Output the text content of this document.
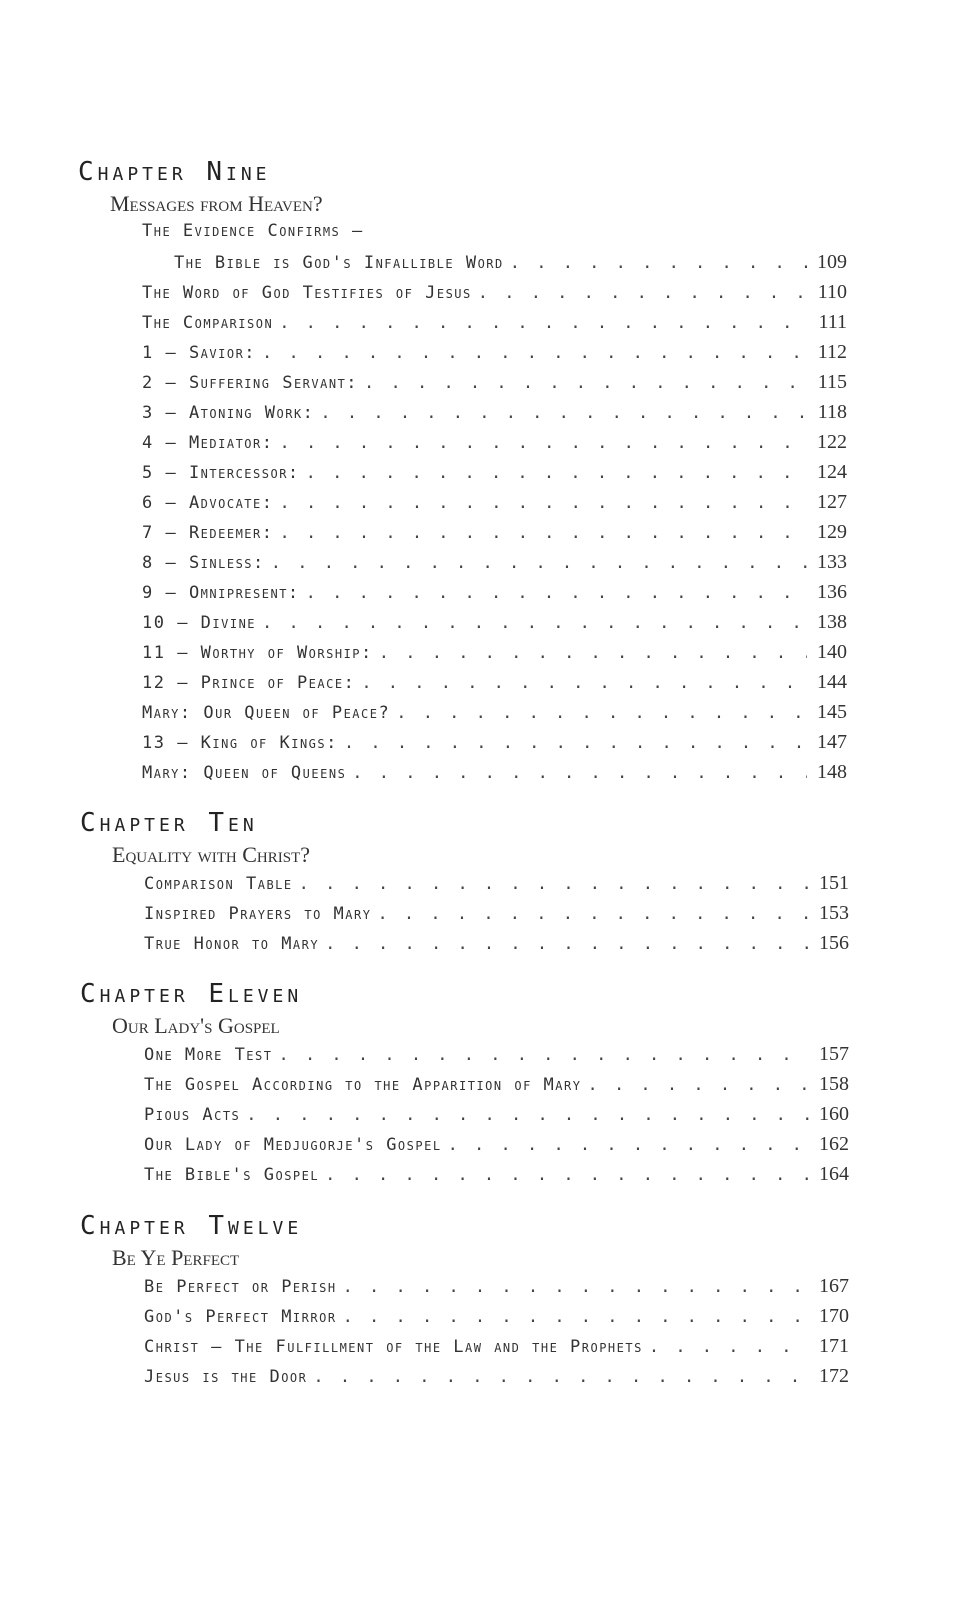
Chapter Nine
Messages from Heaven?
The Evidence Confirms –
The Bible is God's Infallible Word . . .	109
The Word of God Testifies of Jesus . . .	110
The Comparison . . .	111
1 – Savior: . . .	112
2 – Suffering Servant: . . .	115
3 – Atoning Work: . . .	118
4 – Mediator: . . .	122
5 – Intercessor: . . .	124
6 – Advocate: . . .	127
7 – Redeemer: . . .	129
8 – Sinless: . . .	133
9 – Omnipresent: . . .	136
10 – Divine . . .	138
11 – Worthy of Worship: . . .	140
12 – Prince of Peace: . . .	144
Mary: Our Queen of Peace? . . .	145
13 – King of Kings: . . .	147
Mary: Queen of Queens . . .	148
Chapter Ten
Equality with Christ?
Comparison Table . . .	151
Inspired Prayers to Mary . . .	153
True Honor to Mary . . .	156
Chapter Eleven
Our Lady's Gospel
One More Test . . .	157
The Gospel According to the Apparition of Mary . . .	158
Pious Acts . . .	160
Our Lady of Medjugorje's Gospel . . .	162
The Bible's Gospel . . .	164
Chapter Twelve
Be Ye Perfect
Be Perfect or Perish . . .	167
God's Perfect Mirror . . .	170
Christ – The Fulfillment of the Law and the Prophets . . .	171
Jesus is the Door . . .	172
